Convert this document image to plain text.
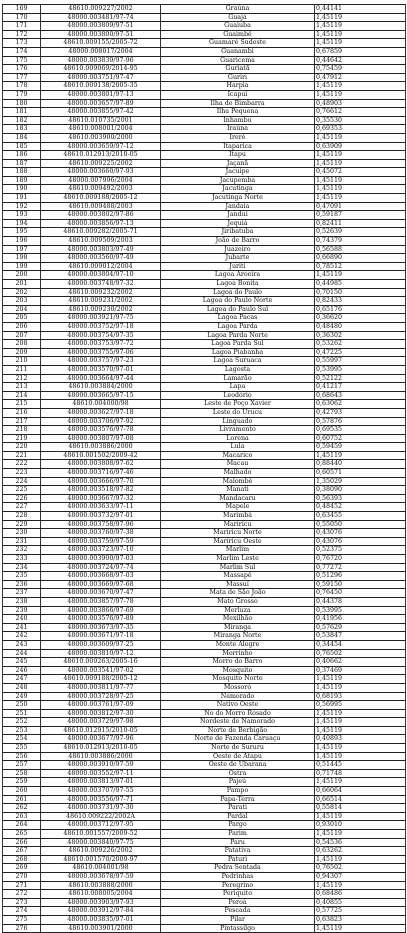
169	48610.009227/2002	Graúna	0,44141
170	48000.003481/97-74	Guajá	1,45119
171	48000.003809/97-51	Guaiuba	1,45119
172	48000.003800/97-51	Guaimbê	1,45119
173	48610.009155/2005-72	Guamaré Sudeste	1,45119
174	48000.008017/2004	Guanambi	0,67859
175	48000.003839/97-96	Guaricema	0,44642
176	48610.009069/2014-95	Guriatã	0,75459
177	48000.003751/97-47	Guriri	0,47912
178	48610.009138/2005-35	Harpia	1,45119
179	48000.003801/97-13	Icapuí	1,45119
180	48000.003657/97-89	Ilha de Bimbarra	0,48903
181	48000.003855/97-42	Ilha Pequena	0,76612
182	48610.010735/2001	Inhambu	0,35530
183	48610.008001/2004	Iraúna	0,69353
184	48610.003900/2000	Ireré	1,45119
185	48000.003659/97-12	Itaparica	0,63909
186	48610.012913/2010-05	Itapu	1,45119
187	48610.009225/2002	Jaçanã	1,45119
188	48000.003660/97-93	Jacuípe	0,45072
189	48000.007996/2004	Jacupemba	1,45119
190	48610.009492/2003	Jacutinga	1,45119
191	48610.009188/2005-12	Jacutinga Norte	1,45119
192	48610.009488/2003	Jandaia	0,47091
193	48000.003802/97-86	Jandui	0,59187
194	48000.003856/97-13	Jequiá	0,82411
195	48610.009282/2005-71	Jiribatuba	0,52639
196	48610.009509/2003	João de Barro	0,74379
197	48000.003803/97-49	Juazeiro	0,56588
198	48000.003560/97-49	Jubarte	0,66890
199	48610.009012/2004	Juriti	0,78512
200	48000.003804/97-10	Lagoa Aroeira	1,45119
201	48000.003748/97-32	Lagoa Bonita	0,44985
202	48610.009232/2002	Lagoa do Paulo	0,70150
203	48610.009231/2002	Lagoa do Paulo Norte	0,82433
204	48610.009230/2002	Lagoa do Paulo Sul	0,65176
205	48000.003921/97-75	Lagoa Pacas	0,36620
206	48000.003752/97-18	Lagoa Parda	0,48480
207	48000.003754/97-35	Lagoa Parda Norte	0,36302
208	48000.003753/97-72	Lagoa Parda Sul	0,53262
209	48000.003755/97-06	Lagoa Piabanha	0,47225
210	48000.003757/97-23	Lagoa Suruaca	0,55997
211	48000.003570/97-01	Lagosta	0,53995
212	48000.003664/97-44	Lamarão	0,52122
213	48610.003884/2000	Lapa	0,41217
214	48000.003665/97-15	Leodório	0,68643
215	48610.004000/98	Leste de Poço Xavier	0,63062
216	48000.003627/97-18	Leste do Urucu	0,42793
217	48000.003706/97-92	Linguado	0,57876
218	48000.003576/97-78	Livramento	0,69535
219	48000.003807/97-08	Lorena	0,60752
220	48610.003886/2000	Lula	0,59459
221	48610.001502/2009-42	Macarico	1,45119
222	48000.003808/97-62	Macau	0,88440
223	48000.003716/97-46	Malhado	0,60571
224	48000.003666/97-70	Malombê	1,35029
225	48000.003518/97-82	Manati	0,38090
226	48000.003667/97-32	Mandacaru	0,56393
227	48000.003633/97-11	Mapele	0,48452
228	48000.003732/97-01	Marimbá	0,63455
229	48000.003758/97-96	Mariricu	0,55050
230	48000.003760/97-38	Mariricu Norte	0,43076
231	48000.003759/97-59	Mariricu Oeste	0,43076
232	48000.003723/97-10	Marlim	0,52375
233	48000.003900/97-03	Marlim Leste	0,76720
234	48000.003724/97-74	Marlim Sul	0,77272
235	48000.003668/97-03	Massapê	0,51296
236	48000.003669/97-68	Massuí	0,59150
237	48000.003670/97-47	Mata de São João	0,76450
238	48000.003857/97-78	Mato Grosso	0,44378
239	48000.003866/97-69	Merluza	0,53995
240	48000.003576/97-89	Mexilhão	0,41956
241	48000.003673/97-35	Miranga	0,57629
242	48000.003671/97-18	Miranga Norte	0,53847
243	48000.003609/97-25	Monte Alegre	0,34454
244	48000.003810/97-12	Morrinho	0,76502
245	48610.009263/2005-16	Morro do Barro	0,40662
246	48000.003541/97-02	Mosquito	0,37469
247	48610.009188/2005-12	Mosquito Norte	1,45119
248	48000.003811/97-77	Mossoró	1,45119
249	48000.003728/97-25	Namorado	0,68193
250	48000.003761/97-09	Nativo Oeste	0,56995
251	48000.003812/97-30	No do Morro Rosado	1,45119
252	48000.003729/97-98	Nordeste de Namorado	1,45119
253	48610.012915/2010-05	Norte de Berbigão	1,45119
254	48000.003677/97-96	Norte de Fazenda Caruaçu	0,40893
255	48610.012913/2010-05	Norte de Sururu	1,45119
256	48610.003886/2000	Oeste de Atapu	1,45119
257	48000.003910/97-59	Oeste de Ubarana	0,51445
258	48000.003552/97-11	Ostra	0,71748
259	48000.003813/97-01	Pajeú	1,45119
260	48000.003707/97-55	Pampo	0,66064
261	48000.003556/97-71	Papa-Terra	0,66514
262	48000.003731/97-30	Parati	0,55814
263	48610.009222/2002A	Pardal	1,45119
264	48000.003712/97-95	Pargo	0,93010
265	48610.001557/2009-52	Parim	1,45119
266	48000.003840/97-75	Paru	0,54536
267	48610.009226/2002	Patativa	0,63262
268	48610.001570/2009-97	Paturi	1,45119
269	48610.004001/98	Pedra Sentada	0,76502
270	48000.003678/97-59	Pedrinhas	0,94307
271	48610.003888/2000	Peregrino	1,45119
272	48610.008005/2004	Periquito	0,68486
273	48000.003903/97-93	Peroá	0,40855
274	48000.003912/97-84	Pescada	0,57725
275	48000.003835/97-01	Pilar	0,63823
276	48610.003901/2000	Pintassilgo	1,45119
